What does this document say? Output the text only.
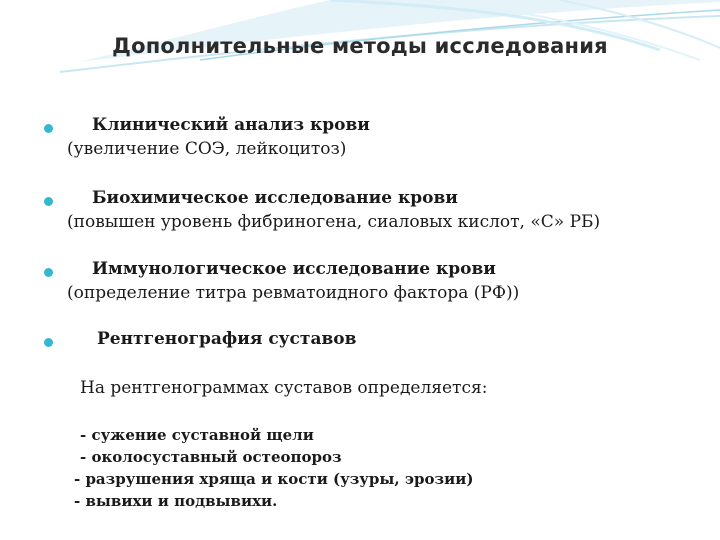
Дополнительные методы исследования
Клинический анализ крови
(увеличение СОЭ, лейкоцитоз)
Биохимическое исследование крови
(повышен уровень фибриногена, сиаловых кислот, «С» РБ)
Иммунологическое исследование крови
(определение титра ревматоидного фактора (РФ))
Рентгенография суставов
На рентгенограммах суставов определяется:
- сужение суставной щели
- околосуставный остеопороз
- разрушения хряща и кости (узуры, эрозии)
- вывихи и подвывихи.
